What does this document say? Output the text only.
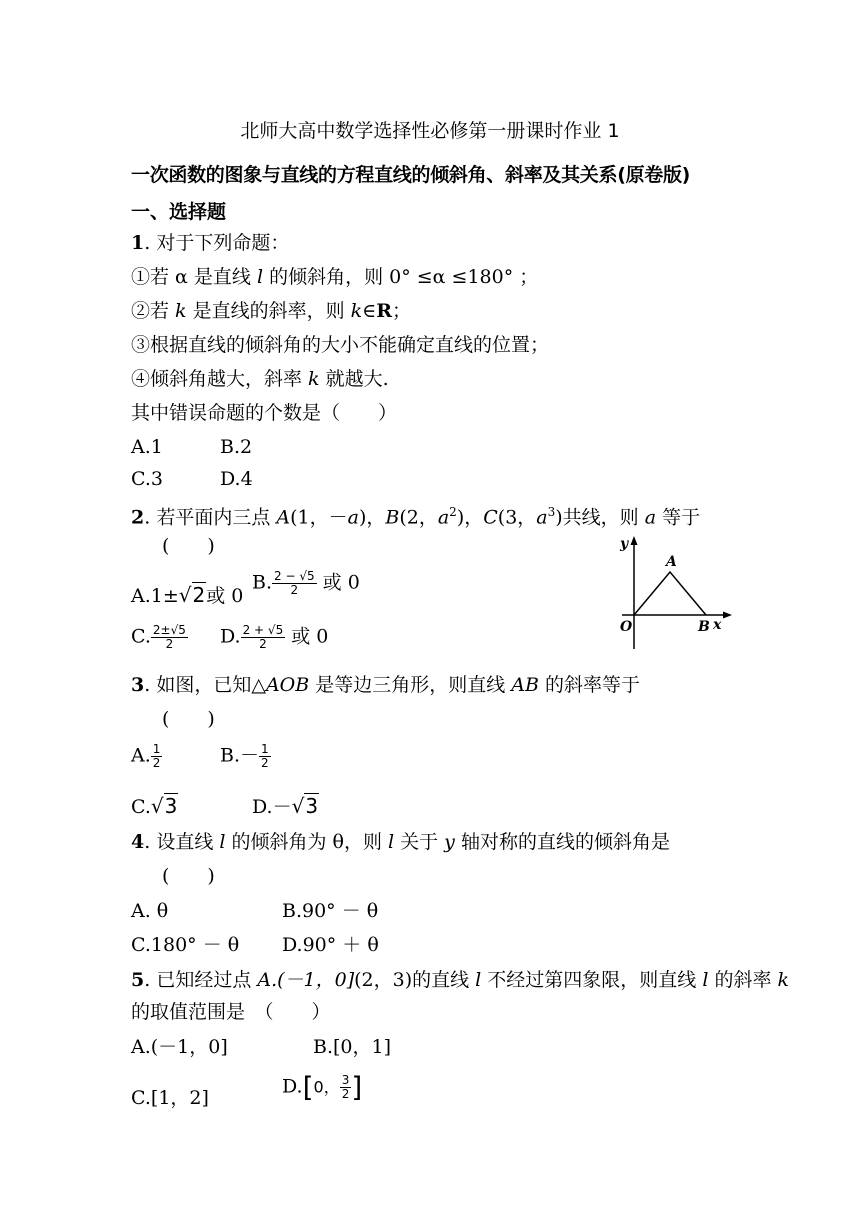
北师大高中数学选择性必修第一册课时作业 1
一次函数的图象与直线的方程直线的倾斜角、斜率及其关系(原卷版)
一、选择题
1. 对于下列命题：
①若 α 是直线 l 的倾斜角，则 0° ≤α ≤180° ；
②若 k 是直线的斜率，则 k∈R；
③根据直线的倾斜角的大小不能确定直线的位置；
④倾斜角越大，斜率 k 就越大.
其中错误命题的个数是（　　）
A.1	B.2
C.3	D.4
2. 若平面内三点 A(1，－a)，B(2，$a^2$)，C(3，$a^3$)共线，则 a 等于
(　　)
A.1±√2或 0
B. $\frac{2 - √5}{2}$ 或 0
C. $\frac{2\pm√5}{2} D$. $\frac{2 + √5}{2}$ 或 0
y
x
O
A
B
3. 如图，已知△AOB 是等边三角形，则直线 AB 的斜率等于
(　　)
A. $\frac{1}{2}$	$B.- \frac{1}{2}$
C.√3	D.－√3
4. 设直线 l 的倾斜角为 θ，则 l 关于 y 轴对称的直线的倾斜角是
(　　)
A. θ	B.90° － θ
C.180° － θ D.90° ＋ θ
5. 已知经过点 A.(－1，0](2，3)的直线 l 不经过第四象限，则直线 l 的斜率 k
的取值范围是　（　　）
A.(－1，0]	B.[0，1]
C.[1，2]
D.[0， $\frac{3}{2}$ ]
